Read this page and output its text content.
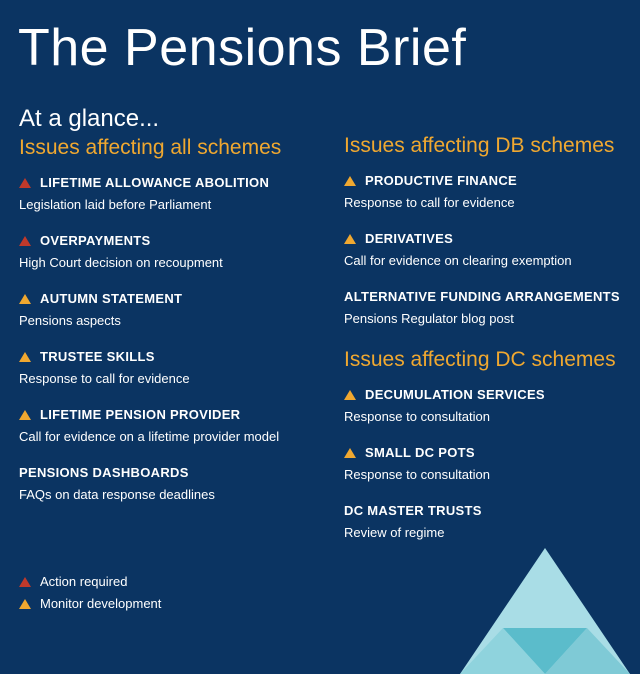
The Pensions Brief
At a glance...
Issues affecting all schemes
LIFETIME ALLOWANCE ABOLITION
Legislation laid before Parliament
OVERPAYMENTS
High Court decision on recoupment
AUTUMN STATEMENT
Pensions aspects
TRUSTEE SKILLS
Response to call for evidence
LIFETIME PENSION PROVIDER
Call for evidence on a lifetime provider model
PENSIONS DASHBOARDS
FAQs on data response deadlines
Issues affecting DB schemes
PRODUCTIVE FINANCE
Response to call for evidence
DERIVATIVES
Call for evidence on clearing exemption
ALTERNATIVE FUNDING ARRANGEMENTS
Pensions Regulator blog post
Issues affecting DC schemes
DECUMULATION SERVICES
Response to consultation
SMALL DC POTS
Response to consultation
DC MASTER TRUSTS
Review of regime
Action required
Monitor development
